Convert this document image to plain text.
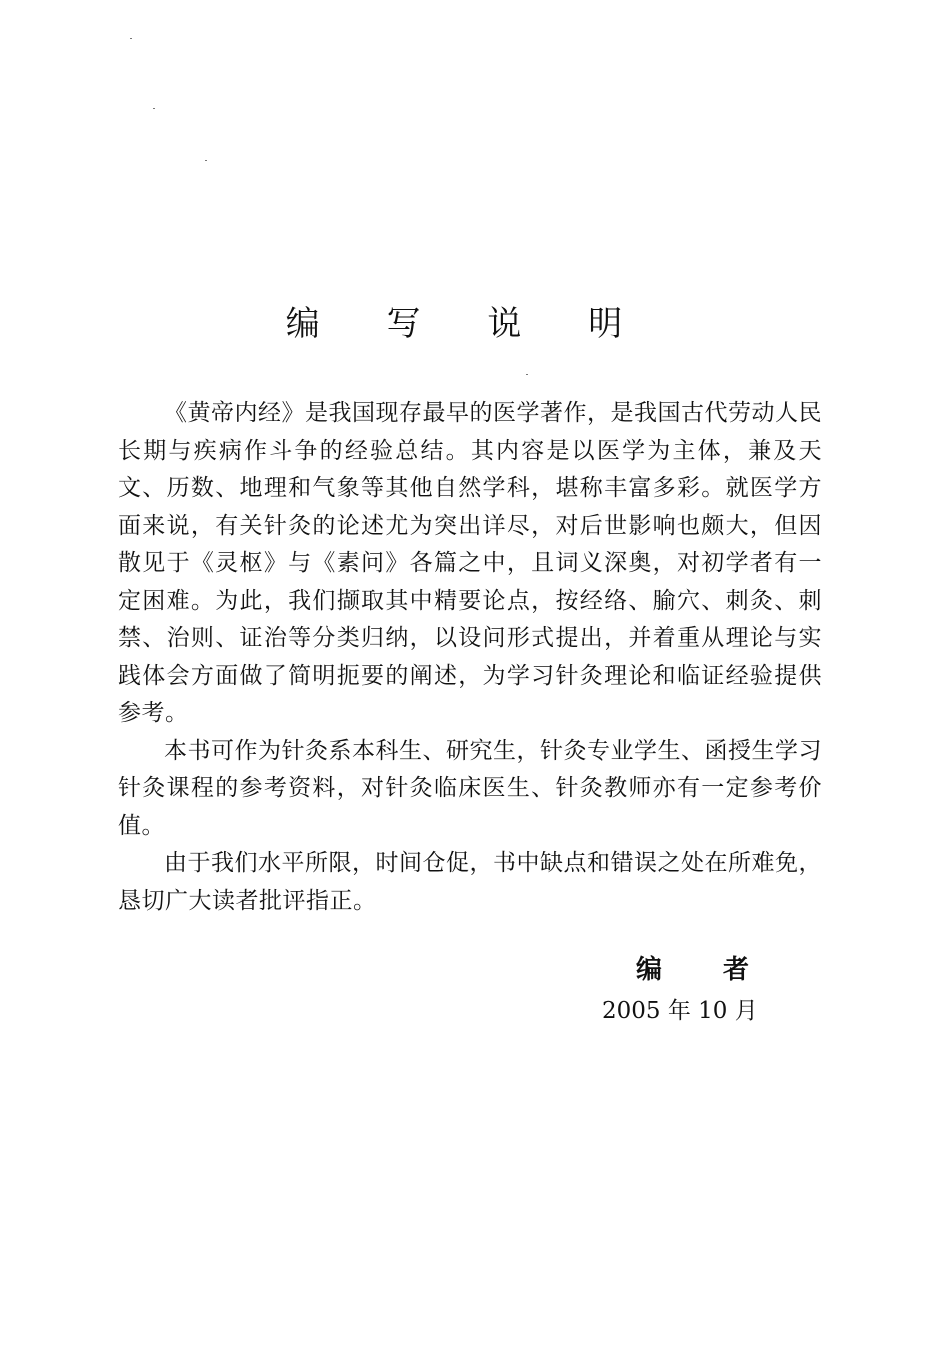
编 写 说 明

《黄帝内经》是我国现存最早的医学著作，是我国古代劳动人民长期与疾病作斗争的经验总结。其内容是以医学为主体，兼及天文、历数、地理和气象等其他自然学科，堪称丰富多彩。就医学方面来说，有关针灸的论述尤为突出详尽，对后世影响也颇大，但因散见于《灵枢》与《素问》各篇之中，且词义深奥，对初学者有一定困难。为此，我们撷取其中精要论点，按经络、腧穴、刺灸、刺禁、治则、证治等分类归纳，以设问形式提出，并着重从理论与实践体会方面做了简明扼要的阐述，为学习针灸理论和临证经验提供参考。

本书可作为针灸系本科生、研究生，针灸专业学生、函授生学习针灸课程的参考资料，对针灸临床医生、针灸教师亦有一定参考价值。

由于我们水平所限，时间仓促，书中缺点和错误之处在所难免，恳切广大读者批评指正。

编 者
2005 年 10 月
